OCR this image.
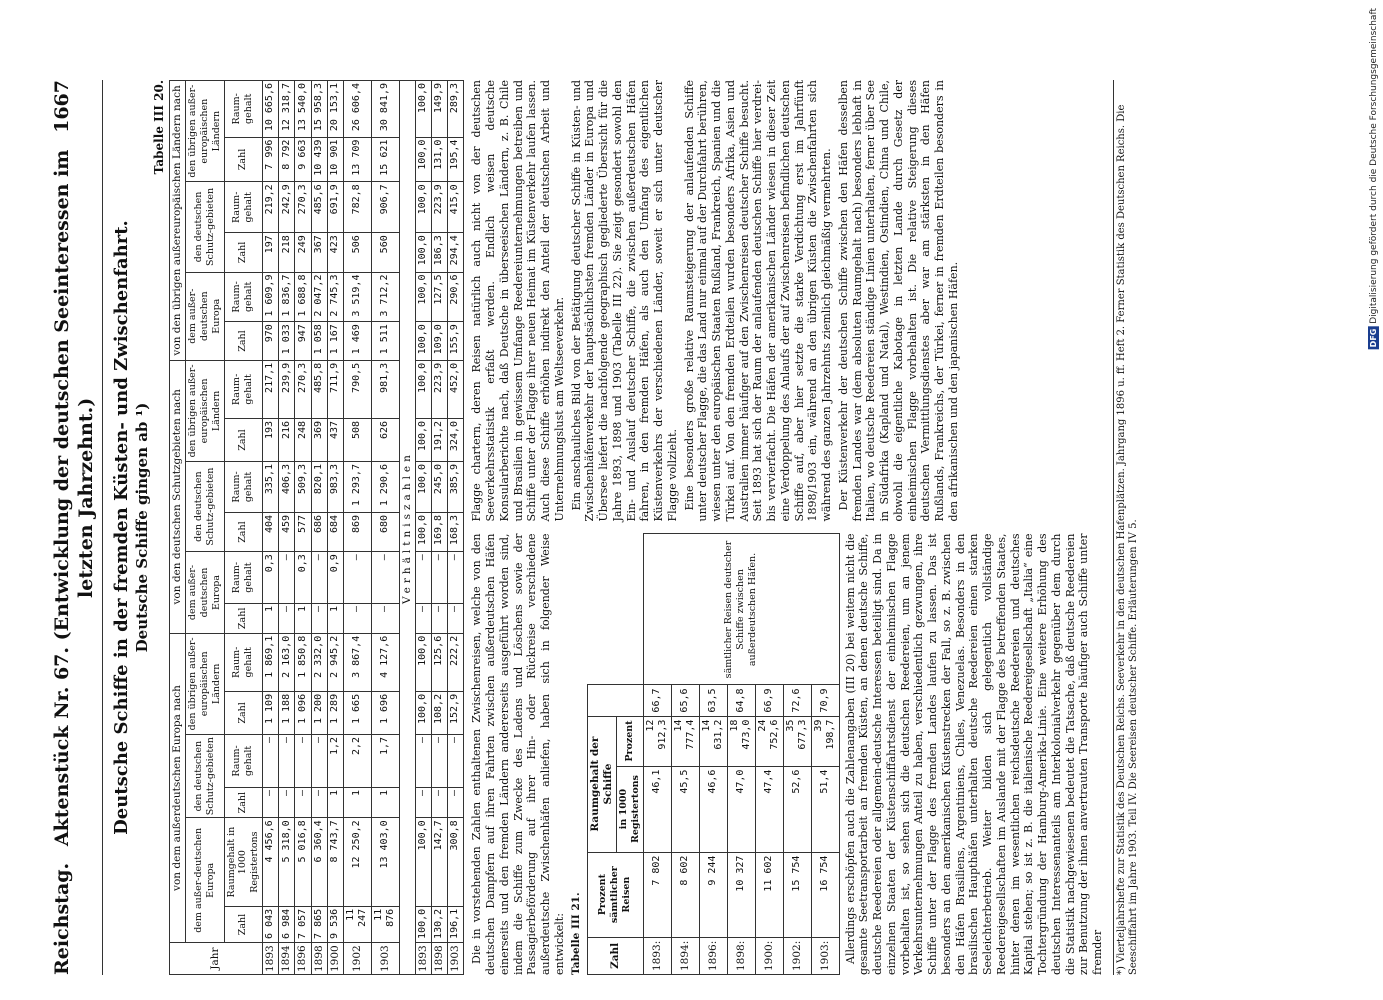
Reichstag.
Aktenstück Nr. 67. (Entwicklung der deutschen Seeinteressen im letzten Jahrzehnt.)
1667
Deutsche Schiffe in der fremden Küsten- und Zwischenfahrt. Deutsche Schiffe gingen ab ¹)
Tabelle III 20.
Jahr	von dem außerdeutschen Europa nach						von den deutschen Schutzgebieten nach						von den übrigen außereuropäischen Ländern nach					
	dem außer-deutschen Europa		den deutschen Schutz-gebieten		den übrigen außer-europäischen Ländern		dem außer-deutschen Europa		den deutschen Schutz-gebieten		den übrigen außer-europäischen Ländern		dem außer-deutschen Europa		den deutschen Schutz-gebieten		den übrigen außer-europäischen Ländern	
	Zahl	Raumgehalt in 1000 Registertons	Zahl	Raum-gehalt	Zahl	Raum-gehalt	Zahl	Raum-gehalt	Zahl	Raum-gehalt	Zahl	Raum-gehalt	Zahl	Raum-gehalt	Zahl	Raum-gehalt	Zahl	Raum-gehalt
1893	6 043	4 456,6	—	—	1 109	1 869,1	1	0,3	404	335,1	193	217,1	970	1 609,9	197	219,2	7 996	10 665,6
1894	6 984	5 318,0	—	—	1 188	2 163,0	—	—	459	406,3	216	239,9	1 033	1 836,7	218	242,9	8 792	12 318,7
1896	7 057	5 016,8	—	—	1 096	1 850,8	1	0,3	577	509,3	248	270,3	947	1 688,8	249	270,3	9 663	13 540,0
1898	7 865	6 360,4	—	—	1 200	2 332,0	—	—	686	820,1	369	485,8	1 058	2 047,2	367	485,6	10 439	15 958,3
1900	9 536	8 743,7	1	1,2	1 289	2 945,2	1	0,9	684	983,3	437	711,9	1 167	2 745,3	423	691,9	10 901	20 153,1
1902	11 247	12 250,2	1	2,2	1 665	3 867,4	—	—	869	1 293,7	508	790,5	1 469	3 519,4	506	782,8	13 709	26 606,4
1903	11 876	13 403,0	1	1,7	1 696	4 127,6	—	—	680	1 290,6	626	981,3	1 511	3 712,2	560	906,7	15 621	30 841,9
Verhältniszahlen																		
1893	100,0	100,0	—	—	100,0	100,0	—	—	100,0	100,0	100,0	100,0	100,0	100,0	100,0	100,0	100,0	100,0
1898	130,2	142,7	—	—	108,2	125,6	—	—	169,8	245,0	191,2	223,9	109,0	127,5	186,3	223,9	131,0	149,9
1903	196,1	300,8	—	—	152,9	222,2	—	—	168,3	385,9	324,0	452,0	155,9	290,6	294,4	415,0	195,4	289,3

Die in vorstehenden Zahlen enthaltenen Zwischenreisen, welche von den deutschen Dampfern auf ihren Fahrten zwischen außerdeutschen Häfen einerseits und den fremden Ländern andererseits ausgeführt worden sind, indem die Schiffe zum Zwecke des Ladens und Löschens sowie der Passagierbeförderung auf ihrer Hin- oder Rückreise verschiedene außerdeutsche Zwischenhäfen anliefen, haben sich in folgender Weise entwickelt: Tabelle III 21.	Zahl	Prozent sämtlicher Reisen	Raumgehalt der Schiffe			
		in 1000 Registertons	Prozent		
1893:	7 802	46,1	12 912,3	66,7	sämtlicher Reisen deutscher Schiffe zwischen außerdeutschen Häfen.
1894:	8 602	45,5	14 777,4	65,6	
1896:	9 244	46,6	14 631,2	63,5	
1898:	10 327	47,0	18 473,0	64,8	
1900:	11 602	47,4	24 752,6	66,9	
1902:	15 754	52,6	35 677,3	72,6	
1903:	16 754	51,4	39 198,7	70,9	Allerdings erschöpfen auch die Zahlenangaben (III 20) bei weitem nicht die gesamte Seetransportarbeit an fremden Küsten, an denen deutsche Schiffe, deutsche Reedereien oder allgemein-deutsche Interessen beteiligt sind. Da in einzelnen Staaten der Küstenschiffahrtsdienst der einheimischen Flagge vorbehalten ist, so sehen sich die deutschen Reedereien, um an jenem Verkehrsunternehmungen Anteil zu haben, verschiedentlich gezwungen, ihre Schiffe unter der Flagge des fremden Landes laufen zu lassen. Das ist besonders an den amerikanischen Küstenstrecken der Fall, so z. B. zwischen den Häfen Brasiliens, Argentiniens, Chiles, Venezuelas. Besonders in den brasilischen Haupthäfen unterhalten deutsche Reedereien einen starken Seeleichterbetrieb. Weiter bilden sich gelegentlich vollständige Reedereigesellschaften im Auslande mit der Flagge des betreffenden Staates, hinter denen im wesentlichen reichsdeutsche Reedereien und deutsches Kapital stehen; so ist z. B. die italienische Reedereigesellschaft „Italia“ eine Tochtergründung der Hamburg-Amerika-Linie. Eine weitere Erhöhung des deutschen Interessenanteils am Interkolonialverkehr gegenüber dem durch die Statistik nachgewiesenen bedeutet die Tatsache, daß deutsche Reedereien zur Benutzung der ihnen anvertrauten Transporte häufiger auch Schiffe unter fremder

Flagge chartern, deren Reisen natürlich auch nicht von der deutschen Seeverkehrsstatistik erfaßt werden. Endlich weisen deutsche Konsularberichte nach, daß Deutsche in überseeischen Ländern, z. B. Chile und Brasilien in gewissem Umfange Reedereiunternehmungen betreiben und Schiffe unter der Flagge ihrer neuen Heimat im Küstenverkehr laufen lassen. Auch diese Schiffe erhöhen indirekt den Anteil der deutschen Arbeit und Unternehmungslust am Weltseeverkehr. Ein anschauliches Bild von der Betätigung deutscher Schiffe in Küsten- und Zwischenhäfenverkehr der hauptsächlichsten fremden Länder in Europa und Übersee liefert die nachfolgende geographisch gegliederte Übersicht für die Jahre 1893, 1898 und 1903 (Tabelle III 22). Sie zeigt gesondert sowohl den Ein- und Auslauf deutscher Schiffe, die zwischen außerdeutschen Häfen fahren, in den fremden Häfen, als auch den Umfang des eigentlichen Küstenverkehrs der verschiedenen Länder, soweit er sich unter deutscher Flagge vollzieht. Eine besonders große relative Raumsteigerung der anlaufenden Schiffe unter deutscher Flagge, die das Land nur einmal auf der Durchfahrt berühren, wiesen unter den europäischen Staaten Rußland, Frankreich, Spanien und die Türkei auf. Von den fremden Erdteilen wurden besonders Afrika, Asien und Australien immer häufiger auf den Zwischenreisen deutscher Schiffe besucht. Seit 1893 hat sich der Raum der anlaufenden deutschen Schiffe hier verdrei- bis vervierfacht. Die Häfen der amerikanischen Länder wiesen in dieser Zeit eine Verdoppelung des Anlaufs der auf Zwischenreisen befindlichen deutschen Schiffe auf, aber hier setzte die starke Verdichtung erst im Jahrfünft 1898/1903 ein, während an den übrigen Küsten die Zwischenfahrten sich während des ganzen Jahrzehnts ziemlich gleichmäßig vermehrten. Der Küstenverkehr der deutschen Schiffe zwischen den Häfen desselben fremden Landes war (dem absoluten Raumgehalt nach) besonders lebhaft in Italien, wo deutsche Reedereien ständige Linien unterhalten, ferner über See in Südafrika (Kapland und Natal), Westindien, Ostindien, China und Chile, obwohl die eigentliche Kabotage in letzten Lande durch Gesetz der einheimischen Flagge vorbehalten ist. Die relative Steigerung dieses deutschen Vermittlungsdienstes aber war am stärksten in den Häfen Rußlands, Frankreichs, der Türkei, ferner in fremden Erdteilen besonders in den afrikanischen und den japanischen Häfen.	*) Vierteljahrshefte zur Statistik des Deutschen Reichs. Seeverkehr in den deutschen Hafenplätzen. Jahrgang 1896 u. ff. Heft 2. Ferner Statistik des Deutschen Reichs. Die Seeschiffahrt im Jahre 1903. Teil IV. Die Seereisen deutscher Schiffe. Erläuterungen IV 5.
DFG Digitalisierung gefördert durch die Deutsche Forschungsgemeinschaft
